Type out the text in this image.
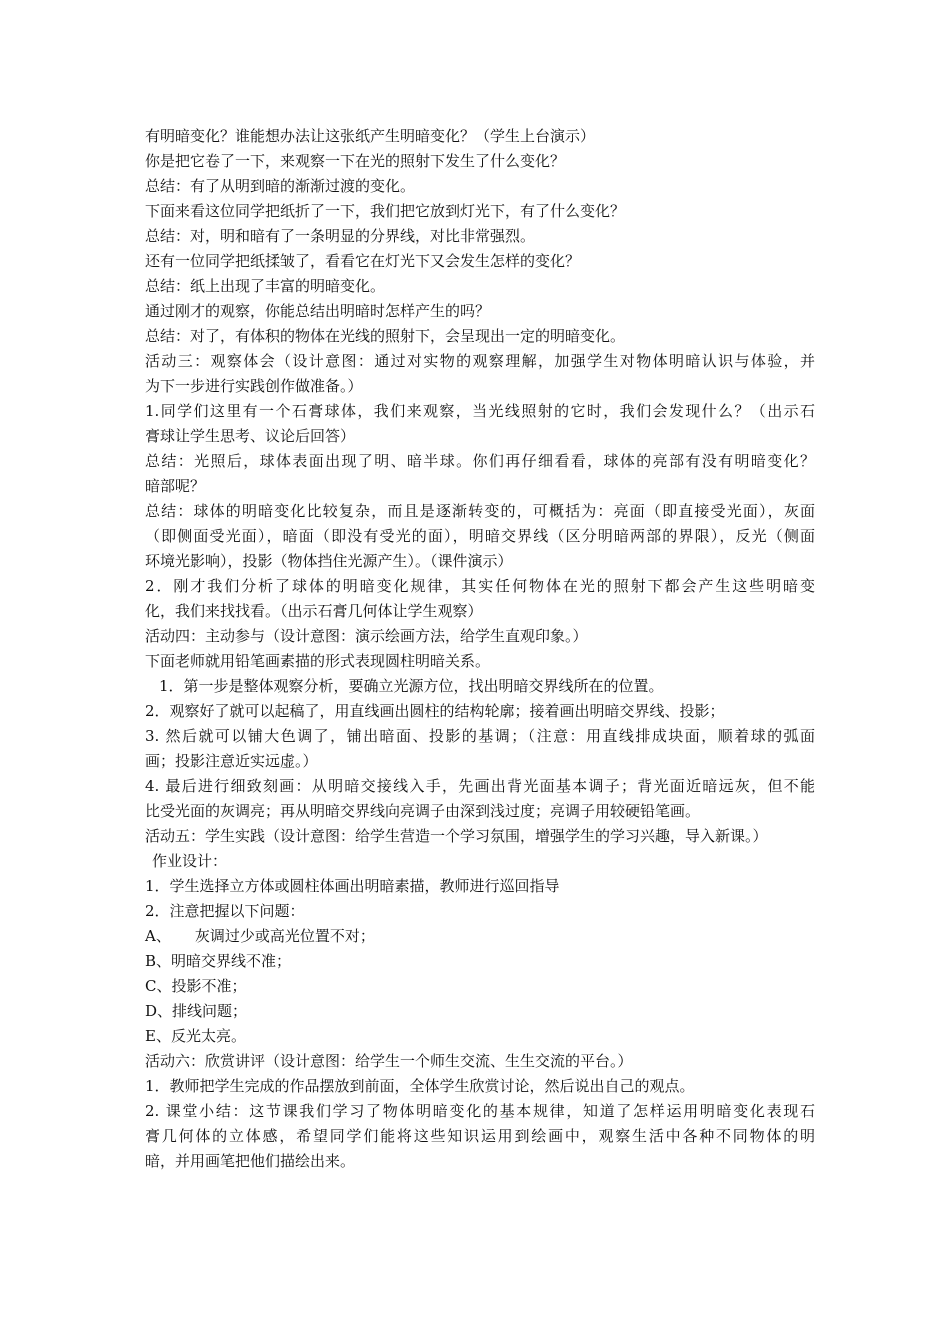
有明暗变化？谁能想办法让这张纸产生明暗变化？（学生上台演示）
你是把它卷了一下，来观察一下在光的照射下发生了什么变化？
总结：有了从明到暗的渐渐过渡的变化。
下面来看这位同学把纸折了一下，我们把它放到灯光下，有了什么变化？
总结：对，明和暗有了一条明显的分界线，对比非常强烈。
还有一位同学把纸揉皱了，看看它在灯光下又会发生怎样的变化？
总结：纸上出现了丰富的明暗变化。
通过刚才的观察，你能总结出明暗时怎样产生的吗？
总结：对了，有体积的物体在光线的照射下，会呈现出一定的明暗变化。
活动三：观察体会（设计意图：通过对实物的观察理解，加强学生对物体明暗认识与体验，并
为下一步进行实践创作做准备。）
1.同学们这里有一个石膏球体，我们来观察，当光线照射的它时，我们会发现什么？（出示石
膏球让学生思考、议论后回答）
总结：光照后，球体表面出现了明、暗半球。你们再仔细看看，球体的亮部有没有明暗变化？
暗部呢？
总结：球体的明暗变化比较复杂，而且是逐渐转变的，可概括为：亮面（即直接受光面），灰面
（即侧面受光面），暗面（即没有受光的面），明暗交界线（区分明暗两部的界限），反光（侧面
环境光影响），投影（物体挡住光源产生）。（课件演示）
2．刚才我们分析了球体的明暗变化规律，其实任何物体在光的照射下都会产生这些明暗变
化，我们来找找看。（出示石膏几何体让学生观察）
活动四：主动参与（设计意图：演示绘画方法，给学生直观印象。）
下面老师就用铅笔画素描的形式表现圆柱明暗关系。
1．第一步是整体观察分析，要确立光源方位，找出明暗交界线所在的位置。
2．观察好了就可以起稿了，用直线画出圆柱的结构轮廓；接着画出明暗交界线、投影；
3. 然后就可以铺大色调了，铺出暗面、投影的基调；（注意：用直线排成块面，顺着球的弧面
画；投影注意近实远虚。）
4. 最后进行细致刻画：从明暗交接线入手，先画出背光面基本调子；背光面近暗远灰，但不能
比受光面的灰调亮；再从明暗交界线向亮调子由深到浅过度；亮调子用较硬铅笔画。
活动五：学生实践（设计意图：给学生营造一个学习氛围，增强学生的学习兴趣，导入新课。）
作业设计：
1．学生选择立方体或圆柱体画出明暗素描，教师进行巡回指导
2．注意把握以下问题：
A、 灰调过少或高光位置不对；
B、明暗交界线不准；
C、投影不准；
D、排线问题；
E、反光太亮。
活动六：欣赏讲评（设计意图：给学生一个师生交流、生生交流的平台。）
1．教师把学生完成的作品摆放到前面，全体学生欣赏讨论，然后说出自己的观点。
2. 课堂小结：这节课我们学习了物体明暗变化的基本规律，知道了怎样运用明暗变化表现石
膏几何体的立体感，希望同学们能将这些知识运用到绘画中，观察生活中各种不同物体的明
暗，并用画笔把他们描绘出来。
